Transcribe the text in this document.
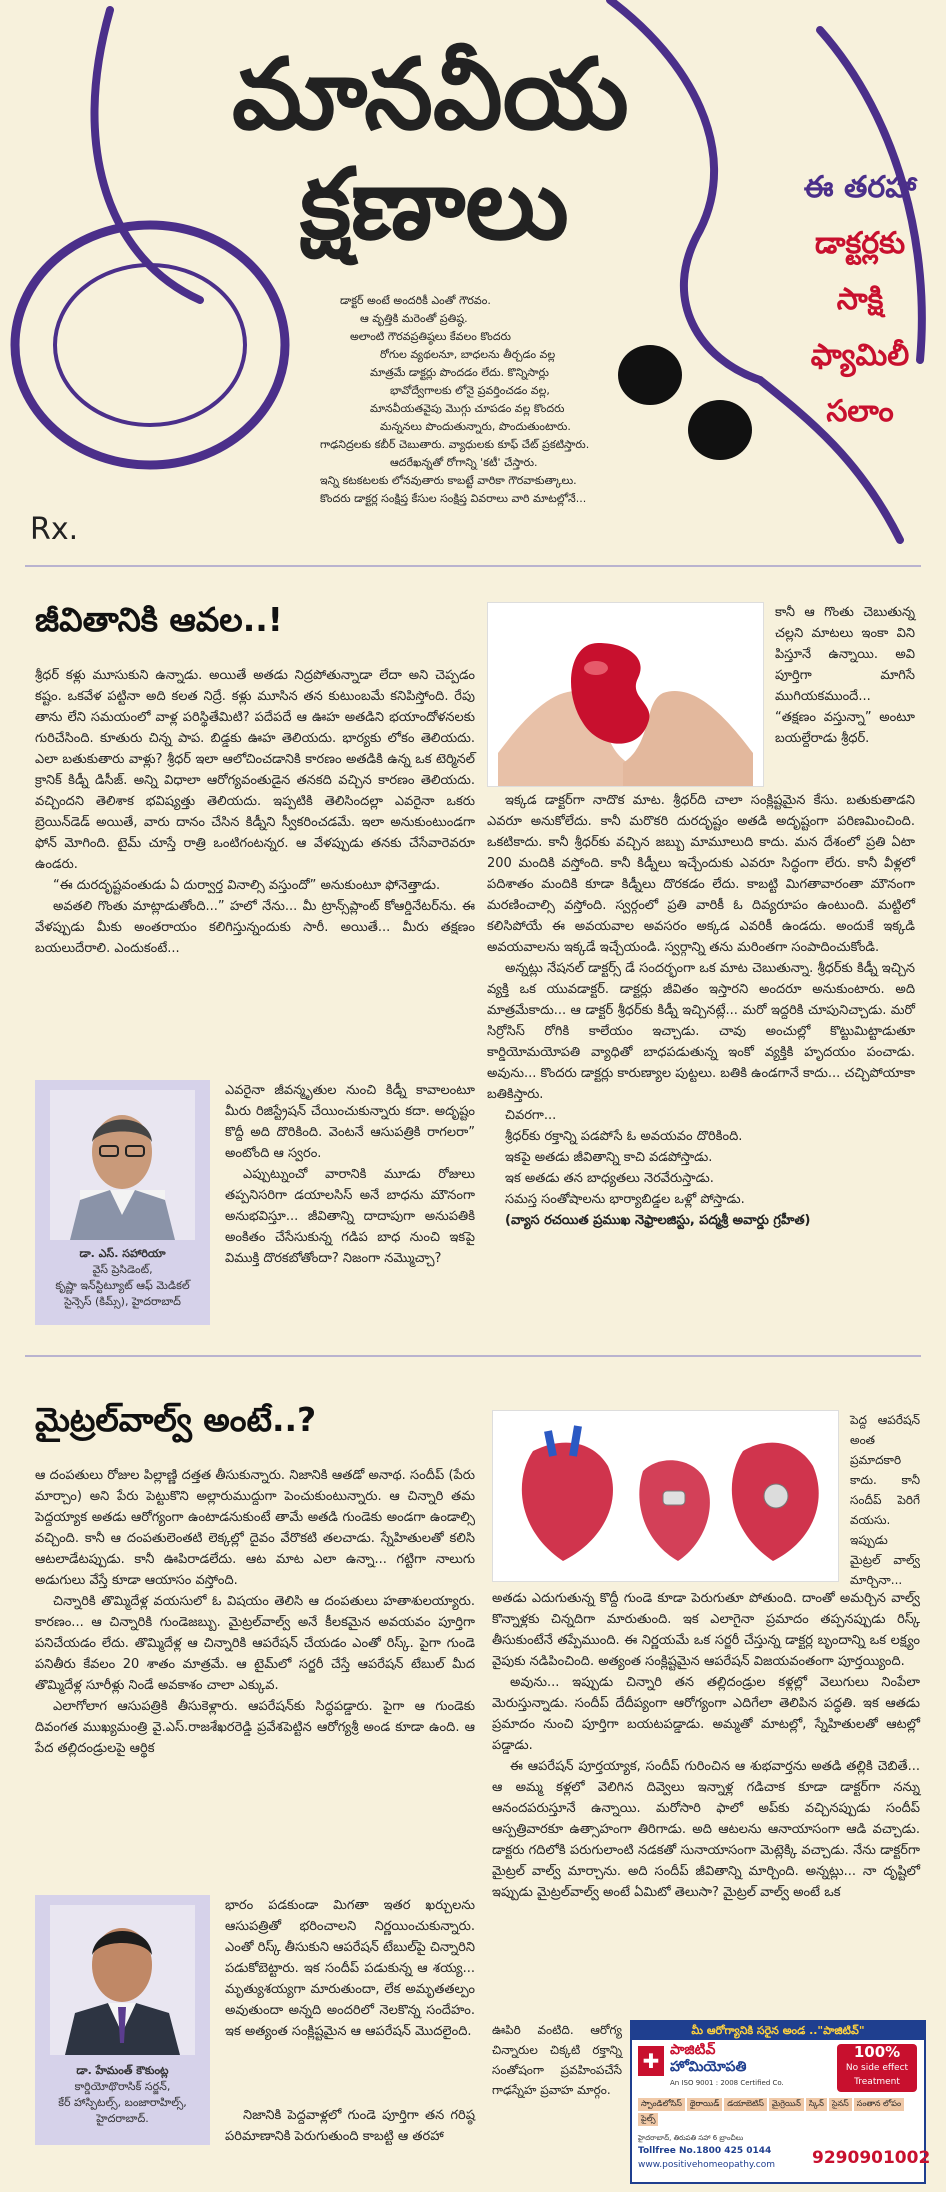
మానవీయ
క్షణాలు	ఈ తరహా
డాక్టర్లకు
సాక్షి
ఫ్యామిలీ
సలాం
డాక్టర్ అంటే అందరికీ ఎంతో గౌరవం.
ఆ వృత్తికి మరెంతో ప్రతిష్ఠ.
అలాంటి గౌరవప్రతిష్ఠలు కేవలం కొందరు
రోగుల వ్యథలనూ, బాధలను తీర్చడం వల్ల
మాత్రమే డాక్టర్లు పొందడం లేదు. కొన్నిసార్లు
భావోద్వేగాలకు లోనై ప్రవర్తించడం వల్ల,
మానవీయతవైపు మొగ్గు చూపడం వల్ల కొందరు
మన్ననలు పొందుతున్నారు, పొందుతుంటారు.
గాఢనిద్రలకు కబీర్ చెబుతారు. వ్యాధులకు కూఫ్ చేట్ ప్రకటిస్తారు.
ఆదరేఖన్నతో రోగాన్ని 'కటీ' చేస్తారు.
ఇన్ని కటకటలకు లోనవుతారు కాబట్టే వారికా గౌరవాకుత్కాలు.
కొందరు డాక్టర్ల సంక్షిప్త కేసుల సంక్షిప్త వివరాలు వారి మాటల్లోనే...
Rx.
జీవితానికి ఆవల..!

శ్రీధర్ కళ్లు మూసుకుని ఉన్నాడు. అయితే అతడు నిద్రపోతున్నాడా లేదా అని చెప్పడం కష్టం. ఒకవేళ పట్టినా అది కలత నిద్రే. కళ్లు మూసిన తన కుటుంబమే కనిపిస్తోంది. రేపు తాను లేని సమయంలో వాళ్ల పరిస్థితేమిటి? పదేపదే ఆ ఊహ అతడిని భయాందోళనలకు గురిచేసింది. కూతురు చిన్న పాప. బిడ్డకు ఊహ తెలియదు. భార్యకు లోకం తెలియదు. ఎలా బతుకుతారు వాళ్లు? శ్రీధర్ ఇలా ఆలోచించడానికి కారణం అతడికి ఉన్న ఒక టెర్మినల్ క్రానిక్ కిడ్నీ డిసీజ్. అన్ని విధాలా ఆరోగ్యవంతుడైన తనకది వచ్చిన కారణం తెలియదు. వచ్చిందని తెలిశాక భవిష్యత్తు తెలియదు. ఇప్పటికి తెలిసిందల్లా ఎవరైనా ఒకరు బ్రెయిన్‌డెడ్ అయితే, వారు దానం చేసిన కిడ్నీని స్వీకరించడమే. ఇలా అనుకుంటుండగా ఫోన్ మోగింది. టైమ్ చూస్తే రాత్రి ఒంటిగంటన్నర. ఆ వేళప్పుడు తనకు చేసేవారెవరూ ఉండరు.

“ఈ దురదృష్టవంతుడు ఏ దుర్వార్త వినాల్సి వస్తుందో” అనుకుంటూ ఫోనెత్తాడు.

అవతలి గొంతు మాట్లాడుతోంది...” హలో నేను... మీ ట్రాన్స్‌ప్లాంట్ కోఆర్డినేటర్‌ను. ఈ వేళప్పుడు మీకు అంతరాయం కలిగిస్తున్నందుకు సారీ. అయితే... మీరు తక్షణం బయలుదేరాలి. ఎందుకంటే...

డా. ఎస్. సహారియా
వైస్ ప్రెసిడెంట్,
కృష్ణా ఇన్‌స్టిట్యూట్ ఆఫ్ మెడికల్
సైన్సెస్ (కిమ్స్), హైదరాబాద్

ఎవరైనా జీవన్మృతుల నుంచి కిడ్నీ కావాలంటూ మీరు రిజిస్ట్రేషన్ చేయించుకున్నారు కదా. అదృష్టం కొద్దీ అది దొరికింది. వెంటనే ఆసుపత్రికి రాగలరా” అంటోంది ఆ స్వరం.

ఎప్పుట్నుంచో వారానికి మూడు రోజులు తప్పనిసరిగా డయాలసిస్ అనే బాధను మౌనంగా అనుభవిస్తూ... జీవితాన్ని దాదాపుగా అనుపతికి అంకితం చేసేసుకున్న గడిప బాధ నుంచి ఇకపై విముక్తి దొరకబోతోందా? నిజంగా నమ్మొచ్చా?

కానీ ఆ గొంతు చెబుతున్న చల్లని మాటలు ఇంకా విని పిస్తూనే ఉన్నాయి. అవి పూర్తిగా మాగిసే ముగియకముందే... “తక్షణం వస్తున్నా” అంటూ బయల్దేరాడు శ్రీధర్.

ఇక్కడ డాక్టర్‌గా నాదొక మాట. శ్రీధర్‌ది చాలా సంక్లిష్టమైన కేసు. బతుకుతాడని ఎవరూ అనుకోలేదు. కానీ మరొకరి దురదృష్టం అతడి అదృష్టంగా పరిణమించింది. ఒకటికాదు. కానీ శ్రీధర్‌కు వచ్చిన జబ్బు మామూలుది కాదు. మన దేశంలో ప్రతి ఏటా 200 మందికి వస్తోంది. కానీ కిడ్నీలు ఇచ్చేందుకు ఎవరూ సిద్ధంగా లేరు. కానీ వీళ్లలో పదిశాతం మందికి కూడా కిడ్నీలు దొరకడం లేదు. కాబట్టి మిగతావారంతా మౌనంగా మరణించాల్సి వస్తోంది. స్వర్గంలో ప్రతి వారికీ ఓ దివ్యరూపం ఉంటుంది. మట్టిలో కలిసిపోయే ఈ అవయవాల అవసరం అక్కడ ఎవరికీ ఉండదు. అందుకే ఇక్కడి అవయవాలను ఇక్కడే ఇచ్చేయండి. స్వర్గాన్ని తను మరింతగా సంపాదించుకోండి.

అన్నట్లు నేషనల్ డాక్టర్స్ డే సందర్భంగా ఒక మాట చెబుతున్నా. శ్రీధర్‌కు కిడ్నీ ఇచ్చిన వ్యక్తి ఒక యువడాక్టర్. డాక్టర్లు జీవితం ఇస్తారని అందరూ అనుకుంటారు. అది మాత్రమేకాదు... ఆ డాక్టర్ శ్రీధర్‌కు కిడ్నీ ఇచ్చినట్లే... మరో ఇద్దరికి చూపునిచ్చాడు. మరో సిర్రోసిస్ రోగికి కాలేయం ఇచ్చాడు. చావు అంచుల్లో కొట్టుమిట్టాడుతూ కార్డియోమయోపతి వ్యాధితో బాధపడుతున్న ఇంకో వ్యక్తికి హృదయం పంచాడు. అవును... కొందరు డాక్టర్లు కారుణ్యాల పుట్టలు. బతికి ఉండగానే కాదు... చచ్చిపోయాకా బతికిస్తారు.

చివరగా...

శ్రీధర్‌కు రక్తాన్ని పడపోసే ఓ అవయవం దొరికింది.

ఇకపై అతడు జీవితాన్ని కాచి వడపోస్తాడు.

ఇక అతడు తన బాధ్యతలు నెరవేరుస్తాడు.

సమస్త సంతోషాలను భార్యాబిడ్డల ఒళ్లో పోస్తాడు.

(వ్యాస రచయిత ప్రముఖ నెఫ్రాలజిస్టు, పద్మశ్రీ అవార్డు గ్రహీత)

మైట్రల్‌వాల్వ్ అంటే..?

ఆ దంపతులు రోజుల పిల్లాణ్ణి దత్తత తీసుకున్నారు. నిజానికి ఆతడో అనాథ. సందీప్ (పేరు మార్చాం) అని పేరు పెట్టుకొని అల్లారుముద్దుగా పెంచుకుంటున్నారు. ఆ చిన్నారి తమ పెద్దయ్యాక అతడు ఆరోగ్యంగా ఉంటాడనుకుంటే తామే అతడి గుండెకు అండగా ఉండాల్సి వచ్చింది. కానీ ఆ దంపతులెంతటి లెక్కల్లో దైవం వేరొకటి తలచాడు. స్నేహితులతో కలిసి ఆటలాడేటప్పుడు. కానీ ఊపిరాడలేదు. ఆట మాట ఎలా ఉన్నా... గట్టిగా నాలుగు అడుగులు వేస్తే కూడా ఆయాసం వస్తోంది.

చిన్నారికి తొమ్మిదేళ్ల వయసులో ఓ విషయం తెలిసి ఆ దంపతులు హతాశులయ్యారు. కారణం... ఆ చిన్నారికి గుండెజబ్బు. మైట్రల్‌వాల్వ్ అనే కీలకమైన అవయవం పూర్తిగా పనిచేయడం లేదు. తొమ్మిదేళ్ల ఆ చిన్నారికి ఆపరేషన్ చేయడం ఎంతో రిస్క్. పైగా గుండె పనితీరు కేవలం 20 శాతం మాత్రమే. ఆ టైమ్‌లో సర్జరీ చేస్తే ఆపరేషన్ టేబుల్ మీద తొమ్మిదేళ్ల సూరీళ్లు నిండే అవకాశం చాలా ఎక్కువ.

ఎలాగోలాగ ఆసుపత్రికి తీసుకెళ్లారు. ఆపరేషన్‌కు సిద్ధపడ్డారు. పైగా ఆ గుండెకు దివంగత ముఖ్యమంత్రి వై.ఎస్.రాజశేఖరరెడ్డి ప్రవేశపెట్టిన ఆరోగ్యశ్రీ అండ కూడా ఉంది. ఆ పేద తల్లిదండ్రులపై ఆర్థిక

డా. హేమంత్ కౌకుంట్ల
కార్డియోథొరాసిక్ సర్జన్,
కేర్ హాస్పిటల్స్, బంజారాహిల్స్,
హైదరాబాద్.

భారం పడకుండా మిగతా ఇతర ఖర్చులను ఆసుపత్రితో భరించాలని నిర్ణయించుకున్నారు. ఎంతో రిస్క్ తీసుకుని ఆపరేషన్ టేబుల్‌పై చిన్నారిని పడుకోబెట్టారు. ఇక సందీప్ పడుకున్న ఆ శయ్య... మృత్యుశయ్యగా మారుతుందా, లేక అమృతతల్పం అవుతుందా అన్నది అందరిలో నెలకొన్న సందేహం. ఇక అత్యంత సంక్లిష్టమైన ఆ ఆపరేషన్ మొదలైంది.

నిజానికి పెద్దవాళ్లలో గుండె పూర్తిగా తన గరిష్ఠ పరిమాణానికి పెరుగుతుంది కాబట్టి ఆ తరహా

పెద్ద ఆపరేషన్ అంత ప్రమాదకారి కాదు. కానీ సందీప్ పెరిగే వయసు. ఇప్పుడు మైట్రల్ వాల్వ్ మార్చినా...

అతడు ఎదుగుతున్న కొద్దీ గుండె కూడా పెరుగుతూ పోతుంది. దాంతో అమర్చిన వాల్వ్ కొన్నాళ్లకు చిన్నదిగా మారుతుంది. ఇక ఎలాగైనా ప్రమాదం తప్పనప్పుడు రిస్క్ తీసుకుంటేనే తప్పేముంది. ఈ నిర్ణయమే ఒక సర్జరీ చేస్తున్న డాక్టర్ల బృందాన్ని ఒక లక్ష్యం వైపుకు నడిపించింది. అత్యంత సంక్లిష్టమైన ఆపరేషన్ విజయవంతంగా పూర్తయ్యింది.

అవును... ఇప్పుడు చిన్నారి తన తల్లిదండ్రుల కళ్లల్లో వెలుగులు నింపేలా మెరుస్తున్నాడు. సందీప్ దేదీప్యంగా ఆరోగ్యంగా ఎదిగేలా తెలిపిన పద్ధతి. ఇక ఆతడు ప్రమాదం నుంచి పూర్తిగా బయటపడ్డాడు. అమ్మతో మాటల్లో, స్నేహితులతో ఆటల్లో పడ్డాడు.

ఈ ఆపరేషన్ పూర్తయ్యాక, సందీప్ గురించిన ఆ శుభవార్తను అతడి తల్లికి చెబితే... ఆ అమ్మ కళ్లలో వెలిగిన దివ్వెలు ఇన్నాళ్ల గడిచాక కూడా డాక్టర్‌గా నన్ను ఆనందపరుస్తూనే ఉన్నాయి. మరోసారి ఫాలో అప్‌కు వచ్చినప్పుడు సందీప్ ఆస్పత్రివారకూ ఉత్సాహంగా తిరిగాడు. అది ఆటలను ఆనాయాసంగా ఆడి వచ్చాడు. డాక్టరు గదిలోకి పరుగులాంటి నడకతో సునాయాసంగా మెట్లెక్కి వచ్చాడు. నేను డాక్టర్‌గా మైట్రల్ వాల్వ్ మార్చాను. అది సందీప్ జీవితాన్ని మార్చింది. అన్నట్లు... నా దృష్టిలో ఇప్పుడు మైట్రల్‌వాల్వ్ అంటే ఏమిటో తెలుసా? మైట్రల్ వాల్వ్ అంటే ఒక

ఊపిరి వంటిది. ఆరోగ్య చిన్నారుల చిక్కటి రక్తాన్ని సంతోషంగా ప్రవహింపచేసే గాఢస్నేహ ప్రవాహ మార్గం.
మీ ఆరోగ్యానికి సరైన అండ .."పాజిటివ్"
✚ పాజిటివ్
హోమియోపతి
An ISO 9001 : 2008 Certified Co.
100%
No side effect
Treatment
స్పాండిలోసిస్	థైరాయిడ్	డయాబెటిస్	మైగ్రెయిన్	స్కిన్	సైనస్	సంతాన లోపం
పైల్స్
హైదరాబాద్, తిరుపతి సహా 6 బ్రాంచీలు
Tollfree No.1800 425 0144
www.positivehomeopathy.com 9290901002
